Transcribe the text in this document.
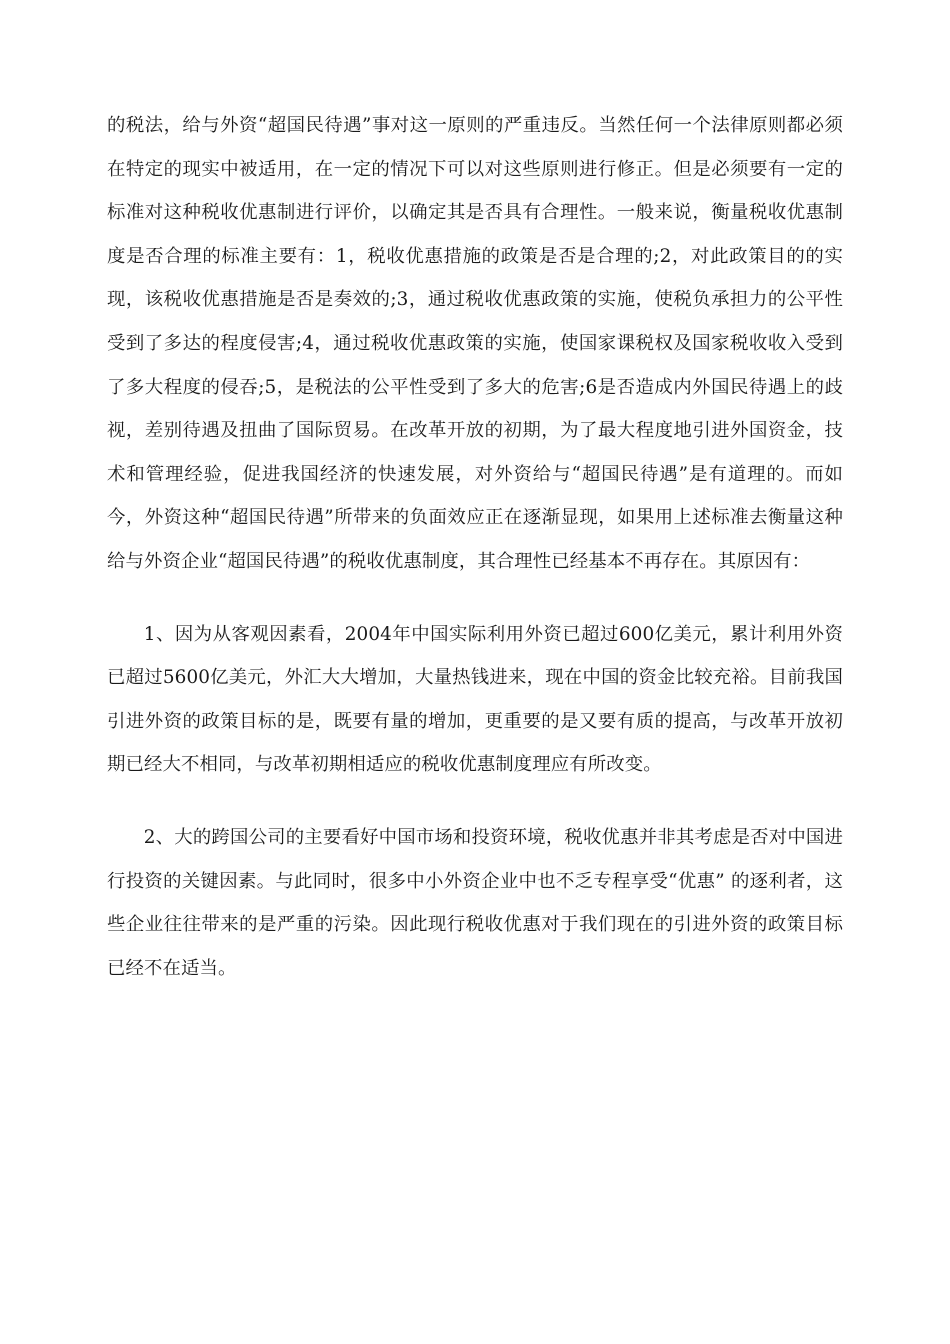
的税法，给与外资“超国民待遇”事对这一原则的严重违反。当然任何一个法律原则都必须在特定的现实中被适用，在一定的情况下可以对这些原则进行修正。但是必须要有一定的标准对这种税收优惠制进行评价，以确定其是否具有合理性。一般来说，衡量税收优惠制度是否合理的标准主要有：1，税收优惠措施的政策是否是合理的;2，对此政策目的的实现，该税收优惠措施是否是奏效的;3，通过税收优惠政策的实施，使税负承担力的公平性受到了多达的程度侵害;4，通过税收优惠政策的实施，使国家课税权及国家税收收入受到了多大程度的侵吞;5，是税法的公平性受到了多大的危害;6是否造成内外国民待遇上的歧视，差别待遇及扭曲了国际贸易。在改革开放的初期，为了最大程度地引进外国资金，技术和管理经验，促进我国经济的快速发展，对外资给与“超国民待遇”是有道理的。而如今，外资这种“超国民待遇”所带来的负面效应正在逐渐显现，如果用上述标准去衡量这种给与外资企业“超国民待遇”的税收优惠制度，其合理性已经基本不再存在。其原因有：

1、因为从客观因素看，2004年中国实际利用外资已超过600亿美元，累计利用外资已超过5600亿美元，外汇大大增加，大量热钱进来，现在中国的资金比较充裕。目前我国引进外资的政策目标的是，既要有量的增加，更重要的是又要有质的提高，与改革开放初期已经大不相同，与改革初期相适应的税收优惠制度理应有所改变。

2、大的跨国公司的主要看好中国市场和投资环境，税收优惠并非其考虑是否对中国进行投资的关键因素。与此同时，很多中小外资企业中也不乏专程享受“优惠” 的逐利者，这些企业往往带来的是严重的污染。因此现行税收优惠对于我们现在的引进外资的政策目标已经不在适当。
